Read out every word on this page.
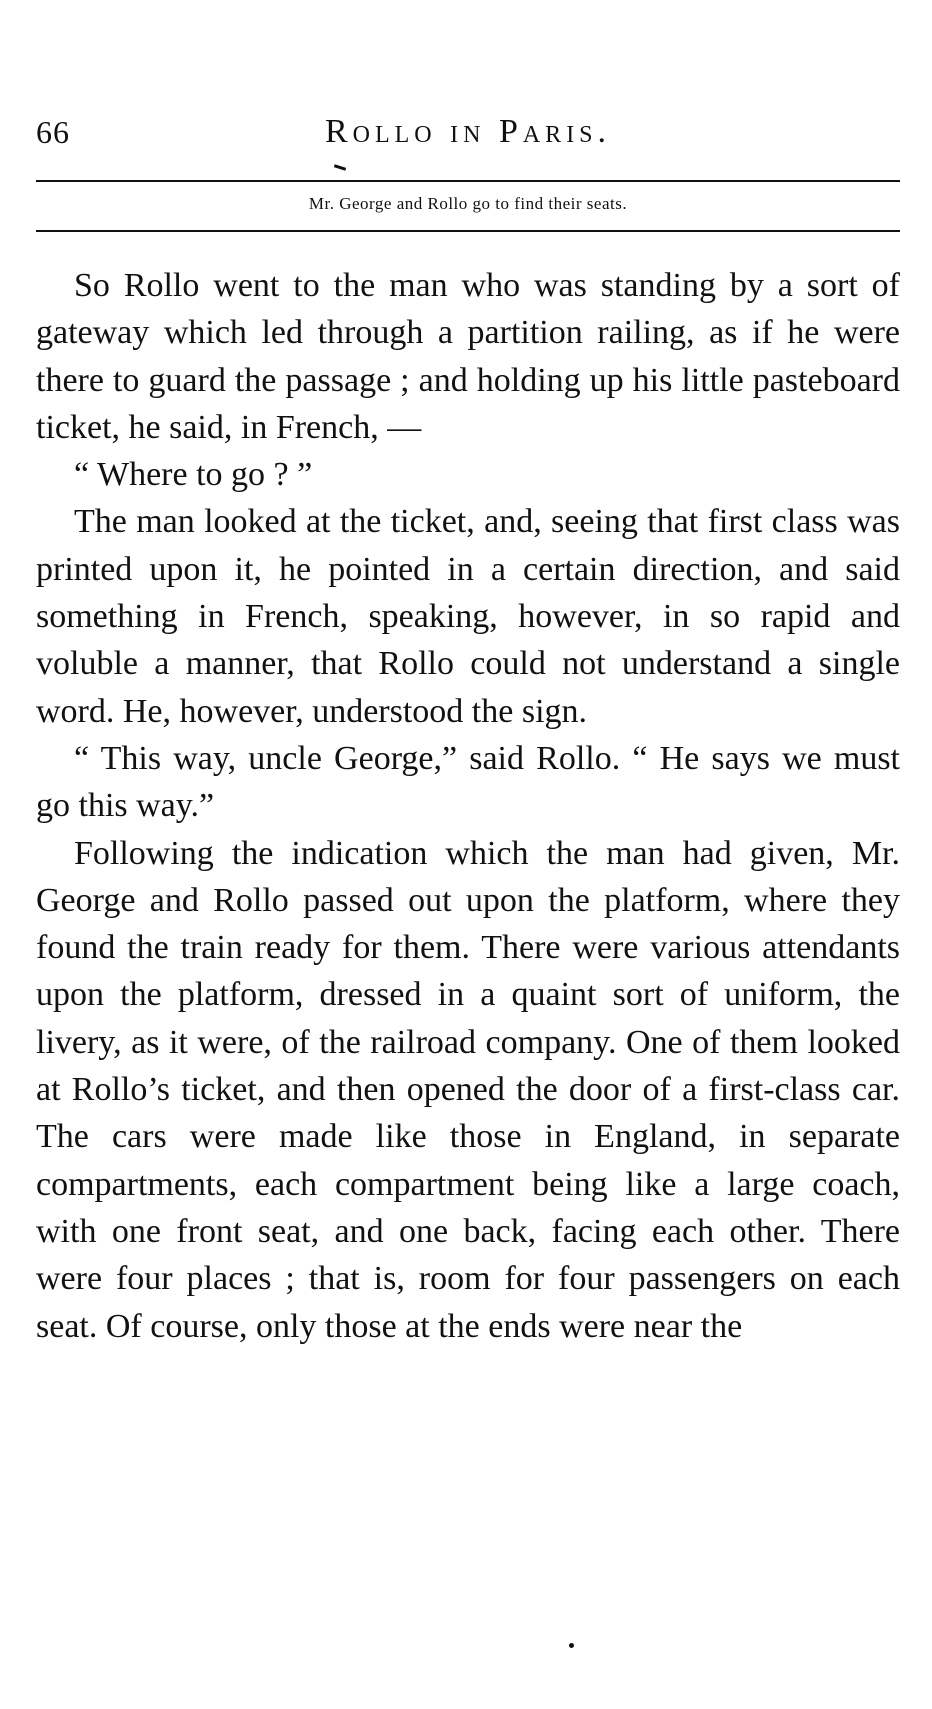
66	Rollo in Paris.
Mr. George and Rollo go to find their seats.

So Rollo went to the man who was standing by a sort of gateway which led through a partition railing, as if he were there to guard the passage ; and holding up his little pasteboard ticket, he said, in French, —

“ Where to go ? ”

The man looked at the ticket, and, seeing that first class was printed upon it, he pointed in a certain direction, and said something in French, speaking, however, in so rapid and voluble a manner, that Rollo could not understand a single word. He, however, understood the sign.

“ This way, uncle George,” said Rollo. “ He says we must go this way.”

Following the indication which the man had given, Mr. George and Rollo passed out upon the platform, where they found the train ready for them. There were various attendants upon the platform, dressed in a quaint sort of uniform, the livery, as it were, of the railroad company. One of them looked at Rollo’s ticket, and then opened the door of a first-class car. The cars were made like those in England, in separate compartments, each compartment being like a large coach, with one front seat, and one back, facing each other. There were four places ; that is, room for four passengers on each seat. Of course, only those at the ends were near the
